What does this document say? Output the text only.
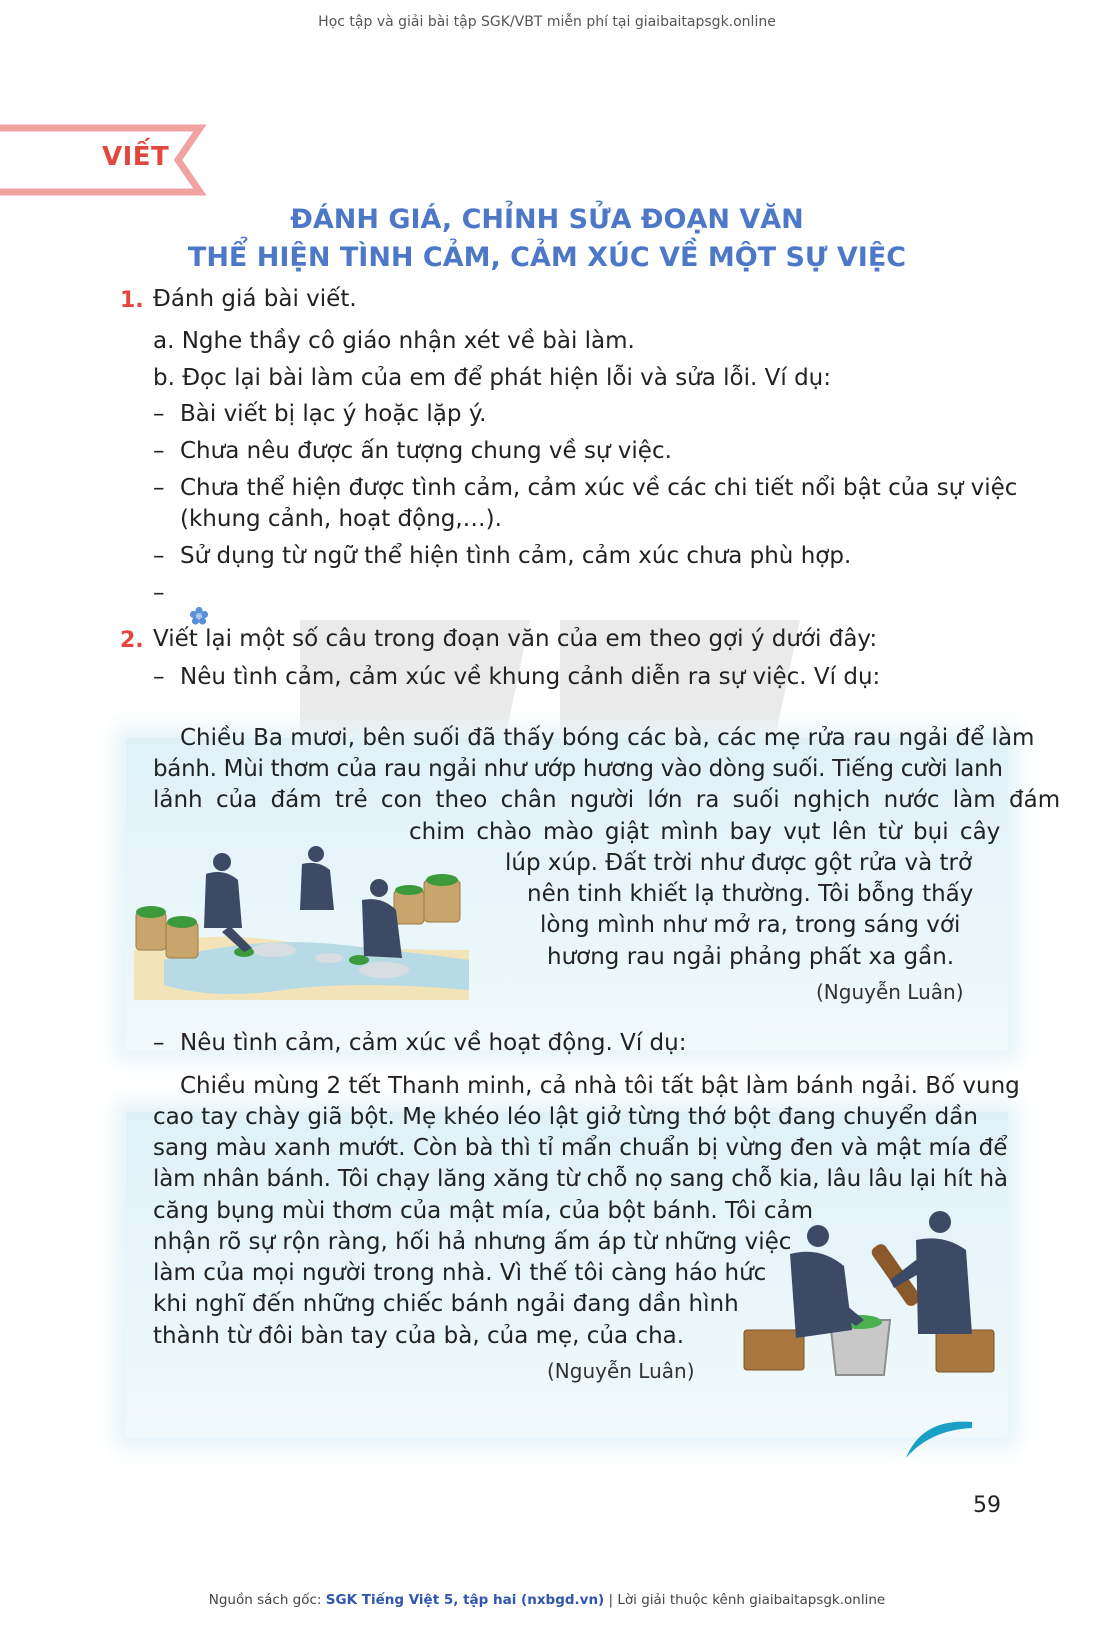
Học tập và giải bài tập SGK/VBT miễn phí tại giaibaitapsgk.online
VIẾT
ĐÁNH GIÁ, CHỈNH SỬA ĐOẠN VĂN
THỂ HIỆN TÌNH CẢM, CẢM XÚC VỀ MỘT SỰ VIỆC
1. Đánh giá bài viết.
a. Nghe thầy cô giáo nhận xét về bài làm.
b. Đọc lại bài làm của em để phát hiện lỗi và sửa lỗi. Ví dụ:
– Bài viết bị lạc ý hoặc lặp ý.
– Chưa nêu được ấn tượng chung về sự việc.
– Chưa thể hiện được tình cảm, cảm xúc về các chi tiết nổi bật của sự việc
(khung cảnh, hoạt động,…).
– Sử dụng từ ngữ thể hiện tình cảm, cảm xúc chưa phù hợp.
–
2. Viết lại một số câu trong đoạn văn của em theo gợi ý dưới đây:
– Nêu tình cảm, cảm xúc về khung cảnh diễn ra sự việc. Ví dụ:
Chiều Ba mươi, bên suối đã thấy bóng các bà, các mẹ rửa rau ngải để làm
bánh. Mùi thơm của rau ngải như ướp hương vào dòng suối. Tiếng cười lanh
lảnh của đám trẻ con theo chân người lớn ra suối nghịch nước làm đám
chim chào mào giật mình bay vụt lên từ bụi cây
lúp xúp. Đất trời như được gột rửa và trở
nên tinh khiết lạ thường. Tôi bỗng thấy
lòng mình như mở ra, trong sáng với
hương rau ngải phảng phất xa gần.
(Nguyễn Luân)
– Nêu tình cảm, cảm xúc về hoạt động. Ví dụ:
Chiều mùng 2 tết Thanh minh, cả nhà tôi tất bật làm bánh ngải. Bố vung
cao tay chày giã bột. Mẹ khéo léo lật giở từng thớ bột đang chuyển dần
sang màu xanh mướt. Còn bà thì tỉ mẩn chuẩn bị vừng đen và mật mía để
làm nhân bánh. Tôi chạy lăng xăng từ chỗ nọ sang chỗ kia, lâu lâu lại hít hà
căng bụng mùi thơm của mật mía, của bột bánh. Tôi cảm
nhận rõ sự rộn ràng, hối hả nhưng ấm áp từ những việc
làm của mọi người trong nhà. Vì thế tôi càng háo hức
khi nghĩ đến những chiếc bánh ngải đang dần hình
thành từ đôi bàn tay của bà, của mẹ, của cha.
(Nguyễn Luân)
59
Nguồn sách gốc: SGK Tiếng Việt 5, tập hai (nxbgd.vn) | Lời giải thuộc kênh giaibaitapsgk.online
